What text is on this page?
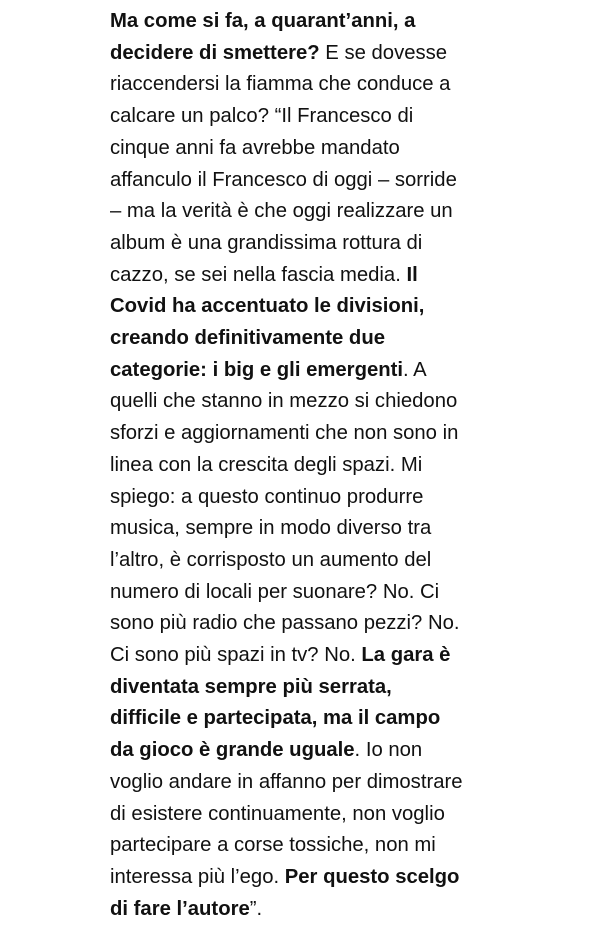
Ma come si fa, a quarant’anni, a
decidere di smettere? E se dovesse
riaccendersi la fiamma che conduce a
calcare un palco? “Il Francesco di
cinque anni fa avrebbe mandato
affanculo il Francesco di oggi – sorride
– ma la verità è che oggi realizzare un
album è una grandissima rottura di
cazzo, se sei nella fascia media. Il
Covid ha accentuato le divisioni,
creando definitivamente due
categorie: i big e gli emergenti. A
quelli che stanno in mezzo si chiedono
sforzi e aggiornamenti che non sono in
linea con la crescita degli spazi. Mi
spiego: a questo continuo produrre
musica, sempre in modo diverso tra
l’altro, è corrisposto un aumento del
numero di locali per suonare? No. Ci
sono più radio che passano pezzi? No.
Ci sono più spazi in tv? No. La gara è
diventata sempre più serrata,
difficile e partecipata, ma il campo
da gioco è grande uguale. Io non
voglio andare in affanno per dimostrare
di esistere continuamente, non voglio
partecipare a corse tossiche, non mi
interessa più l’ego. Per questo scelgo
di fare l’autore”.
